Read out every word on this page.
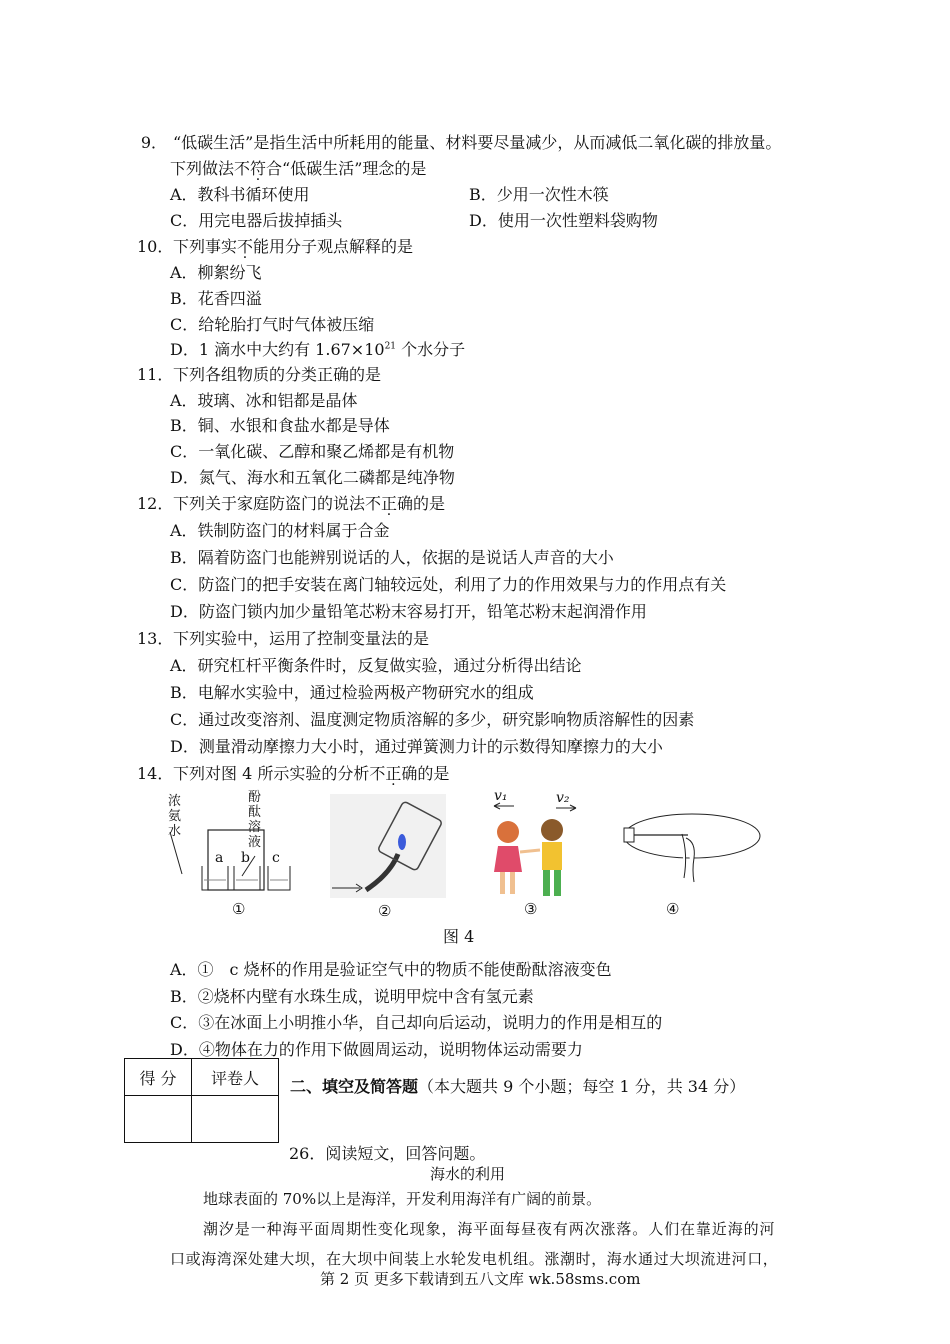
9． “低碳生活”是指生活中所耗用的能量、材料要尽量减少，从而减低二氧化碳的排放量。
下列做法不符合“低碳生活”理念的是
A．教科书循环使用	B．少用一次性木筷
C．用完电器后拔掉插头	D．使用一次性塑料袋购物
10．下列事实不能用分子观点解释的是
A．柳絮纷飞
B．花香四溢
C．给轮胎打气时气体被压缩
D．1 滴水中大约有 $1.67\times 10^{21}$ 个水分子
11．下列各组物质的分类正确的是
A．玻璃、冰和铝都是晶体
B．铜、水银和食盐水都是导体
C．一氧化碳、乙醇和聚乙烯都是有机物
D．氮气、海水和五氧化二磷都是纯净物
12．下列关于家庭防盗门的说法不正确的是
A．铁制防盗门的材料属于合金
B．隔着防盗门也能辨别说话的人，依据的是说话人声音的大小
C．防盗门的把手安装在离门轴较远处，利用了力的作用效果与力的作用点有关
D．防盗门锁内加少量铅笔芯粉末容易打开，铅笔芯粉末起润滑作用
13．下列实验中，运用了控制变量法的是
A．研究杠杆平衡条件时，反复做实验，通过分析得出结论
B．电解水实验中，通过检验两极产物研究水的组成
C．通过改变溶剂、温度测定物质溶解的多少，研究影响物质溶解性的因素
D．测量滑动摩擦力大小时，通过弹簧测力计的示数得知摩擦力的大小
14．下列对图 4 所示实验的分析不正确的是
浓
氨
水
酚
酞
溶
液
a b c
①	②
v₁	v₂
③	④
图 4
A．①　c 烧杯的作用是验证空气中的物质不能使酚酞溶液变色
B．②烧杯内壁有水珠生成，说明甲烷中含有氢元素
C．③在冰面上小明推小华，自己却向后运动，说明力的作用是相互的
D．④物体在力的作用下做圆周运动，说明物体运动需要力
得 分	评卷人
	二、填空及简答题（本大题共 9 个小题；每空 1 分，共 34 分）
26．阅读短文，回答问题。
海水的利用
地球表面的 70%以上是海洋，开发利用海洋有广阔的前景。
潮汐是一种海平面周期性变化现象，海平面每昼夜有两次涨落。人们在靠近海的河
口或海湾深处建大坝，在大坝中间装上水轮发电机组。涨潮时，海水通过大坝流进河口，
第 2 页 更多下载请到五八文库 wk.58sms.com
